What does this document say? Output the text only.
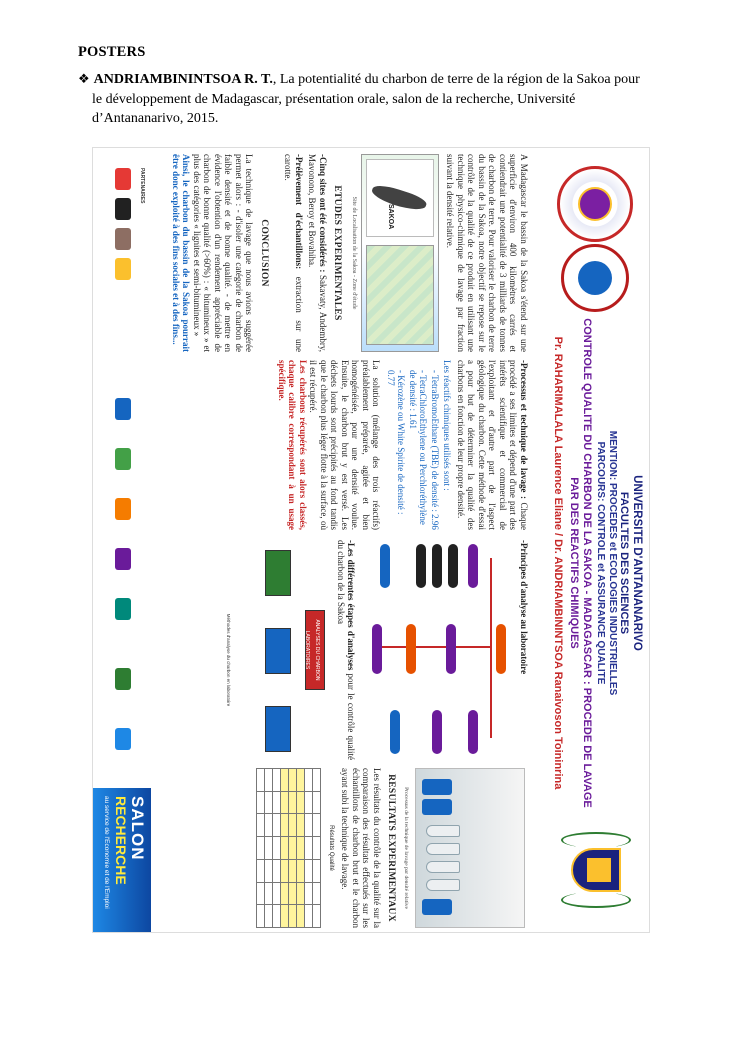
POSTERS
❖ ANDRIAMBININTSOA R. T., La potentialité du charbon de terre de la région de la Sakoa pour
le développement de Madagascar, présentation orale, salon de la recherche, Université
d’Antananarivo, 2015.
UNIVERSITE D'ANTANANARIVO
FACULTES DES SCIENCES
MENTION: PROCEDES et ECOLOGIES INDUSTRIELLES
PARCOURS: CONTROLE et ASSURANCE QUALITE
CONTROLE QUALITE DU CHARBON DE LA SAKOA - MADAGASCAR : PROCEDE DE LAVAGE PAR DES REACTIFS CHIMIQUES
Pr. RAHARIMALALA Laurence Eliane / Dr. ANDRIAMBININTSOA Ranaivoson Toininrina
A Madagascar le bassin de la Sakoa s'étend sur une superficie d'environ 400 kilomètres carrés et contiendrait une potentialité de 3 milliards de tonnes de charbon de terre. Pour valoriser le charbon de terre du bassin de la Sakoa, notre objectif se repose sur le contrôle de la qualité de ce produit en utilisant une technique physico-chimique de lavage par fraction suivant la densité relative.
SAKOA
Site de Localisation de la Sakoa - Zone d'étude
ETUDES EXPERIMENTALES
-Cinq sites ont été considérés : Sakavaty, Andembry, Mavonono, Beroy et Bovahiha.
-Prélèvement d'échantillons: extraction sur une carotte.
CONCLUSION
La technique de lavage que nous avions suggérée permet alors : - d'isoler une catégorie de charbon de faible densité et de bonne qualité. - de mettre en évidence l'obtention d'un rendement appréciable de charbon de bonne qualité (>60%) : « bitumineux » et plus des catégories « lignites et semi-bitumineux »
Ainsi, le charbon du bassin de la Sakoa pourrait être donc exploité à des fins sociales et à des fins...
-Processus et technique de lavage : Chaque procédé a ses limites et dépend d'une part des intérêts scientifique et commercial de l'exploitant et d'autre part de l'aspect géologique du charbon. Cette méthode d'essai a pour but de déterminer la qualité des charbons en fonction de leur propre densité.
Les réactifs chimiques utilisés sont :
- TetraBromoEthane (TBE) de densité : 2.96
- TetraChloroEthylene ou Perchloréthylène de densité : 1.61
- Kérozène ou White Spirite de densité : 0.77
La solution (mélange des trois réactifs) préalablement préparée, agitée et bien homogénéisée, pour une densité voulue. Ensuite, le charbon brut y est versé. Les déchets lourds sont précipités au fond tandis que le charbon plus léger flotte à la surface, où il est récupéré.
Les charbons récupérés sont alors classés, chaque calibre correspondant à un usage spécifique.
-Principes d'analyse au laboratoire
-Les différentes étapes d'analyses pour le contrôle qualité du charbon de la Sakoa
ANALYSES DU CHARBON LABORATOIRES
Méthodes d'analyse du charbon en laboratoire
Processus de la technique de lavage par densité relative
RESULTATS EXPERIMENTAUX
Les résultats du contrôle de la qualité sur la comparaison des résultats effectués sur les échantillons de charbon brut et le charbon ayant subi la technique de lavage.
Résultats Qualité

PARTENAIRES
SALON
RECHERCHE
au service de l'Economie et de l'Emploi
